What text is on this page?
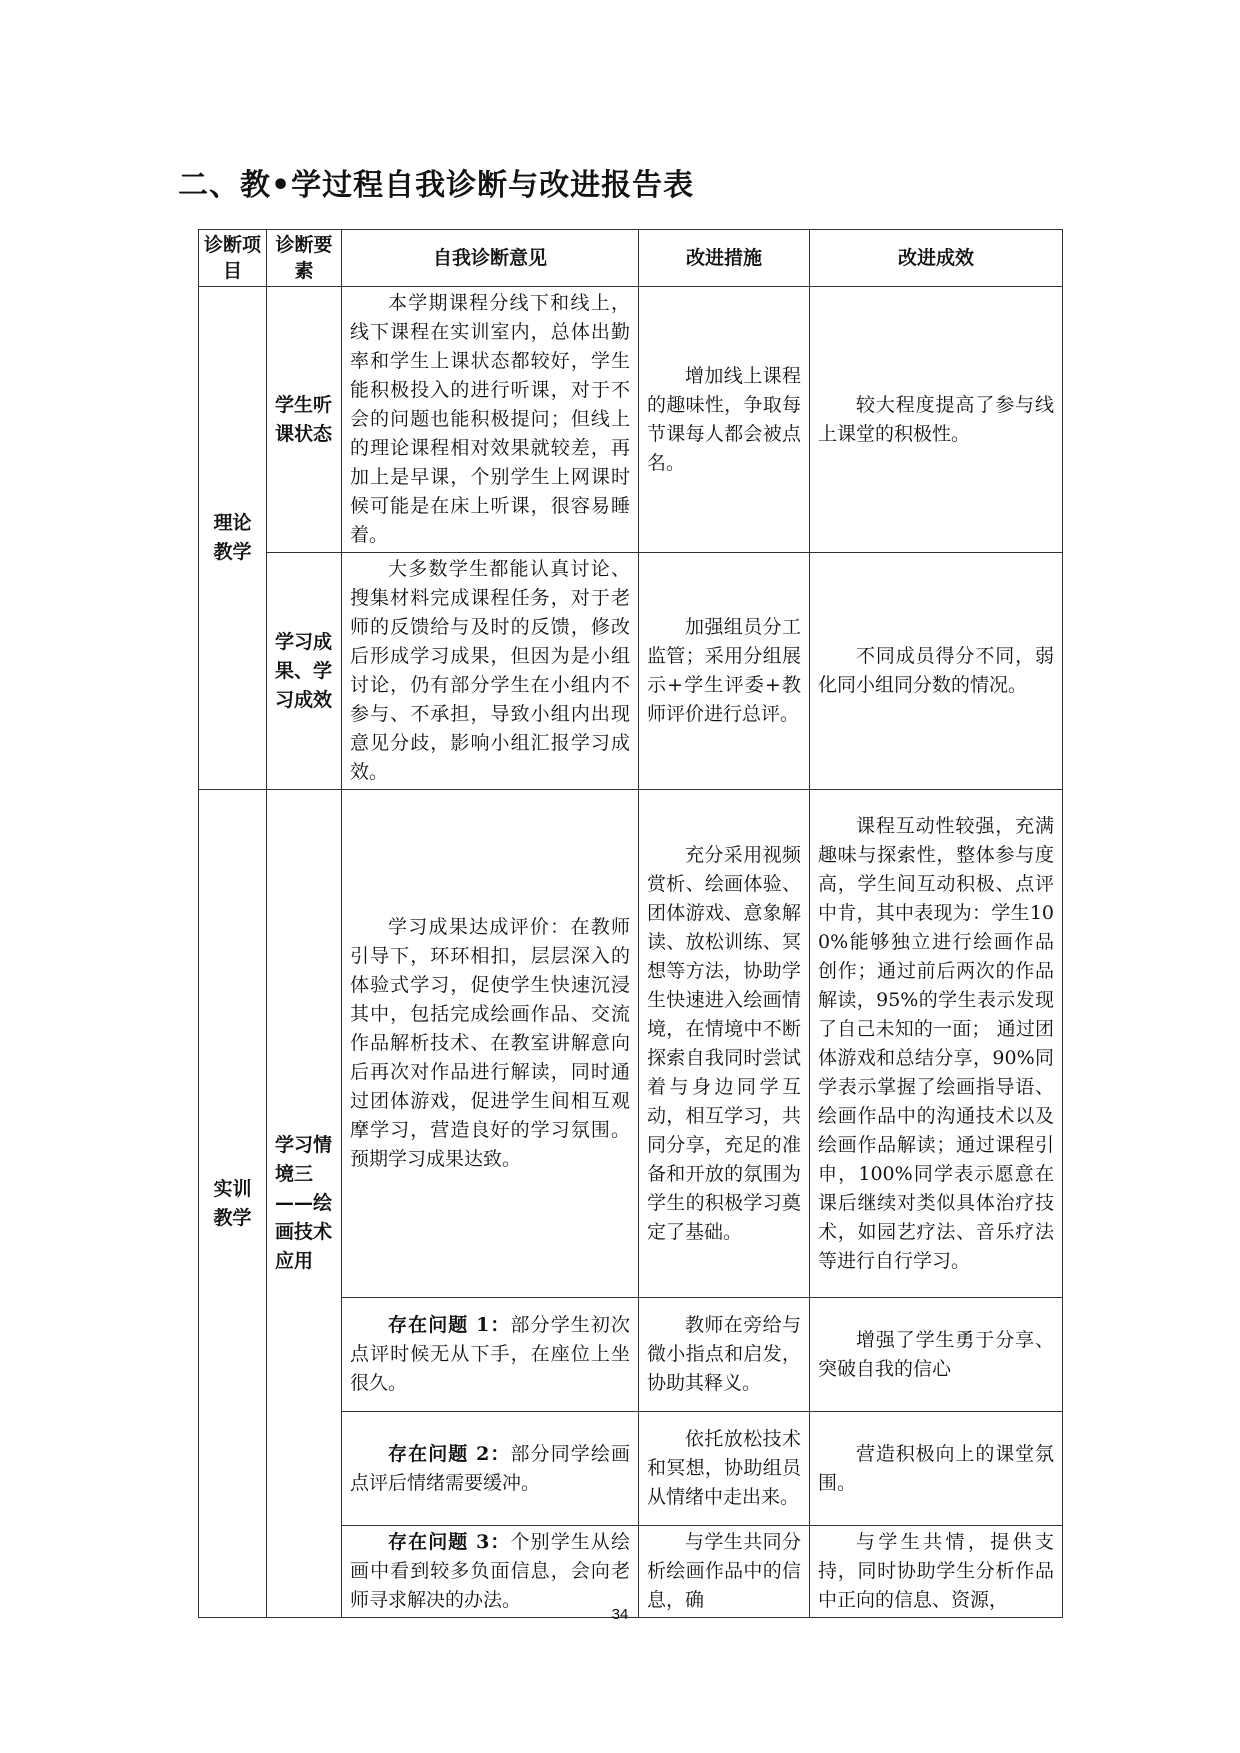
二、教•学过程自我诊断与改进报告表
诊断项目	诊断要素	自我诊断意见	改进措施	改进成效
理论教学	学生听课状态	本学期课程分线下和线上，线下课程在实训室内，总体出勤率和学生上课状态都较好，学生能积极投入的进行听课，对于不会的问题也能积极提问；但线上的理论课程相对效果就较差，再加上是早课，个别学生上网课时候可能是在床上听课，很容易睡着。	增加线上课程的趣味性，争取每节课每人都会被点名。	较大程度提高了参与线上课堂的积极性。
	学习成果、学习成效	大多数学生都能认真讨论、搜集材料完成课程任务，对于老师的反馈给与及时的反馈，修改后形成学习成果，但因为是小组讨论，仍有部分学生在小组内不参与、不承担，导致小组内出现意见分歧，影响小组汇报学习成效。	加强组员分工监管；采用分组展示+学生评委+教师评价进行总评。	不同成员得分不同，弱化同小组同分数的情况。
实训教学	学习情境三——绘画技术应用	学习成果达成评价：在教师引导下，环环相扣，层层深入的体验式学习，促使学生快速沉浸其中，包括完成绘画作品、交流作品解析技术、在教室讲解意向后再次对作品进行解读，同时通过团体游戏，促进学生间相互观摩学习，营造良好的学习氛围。预期学习成果达致。	充分采用视频赏析、绘画体验、团体游戏、意象解读、放松训练、冥想等方法，协助学生快速进入绘画情境，在情境中不断探索自我同时尝试着与身边同学互动，相互学习，共同分享，充足的准备和开放的氛围为学生的积极学习奠定了基础。	课程互动性较强，充满趣味与探索性，整体参与度高，学生间互动积极、点评中肯，其中表现为：学生100%能够独立进行绘画作品创作；通过前后两次的作品解读，95%的学生表示发现了自己未知的一面； 通过团体游戏和总结分享，90%同学表示掌握了绘画指导语、绘画作品中的沟通技术以及绘画作品解读；通过课程引申，100%同学表示愿意在课后继续对类似具体治疗技术，如园艺疗法、音乐疗法等进行自行学习。
		存在问题 1：部分学生初次点评时候无从下手，在座位上坐很久。	教师在旁给与微小指点和启发，协助其释义。	增强了学生勇于分享、突破自我的信心
		存在问题 2：部分同学绘画点评后情绪需要缓冲。	依托放松技术和冥想，协助组员从情绪中走出来。	营造积极向上的课堂氛围。
		存在问题 3：个别学生从绘画中看到较多负面信息，会向老师寻求解决的办法。	与学生共同分析绘画作品中的信息，确	与学生共情，提供支持，同时协助学生分析作品中正向的信息、资源，
34
